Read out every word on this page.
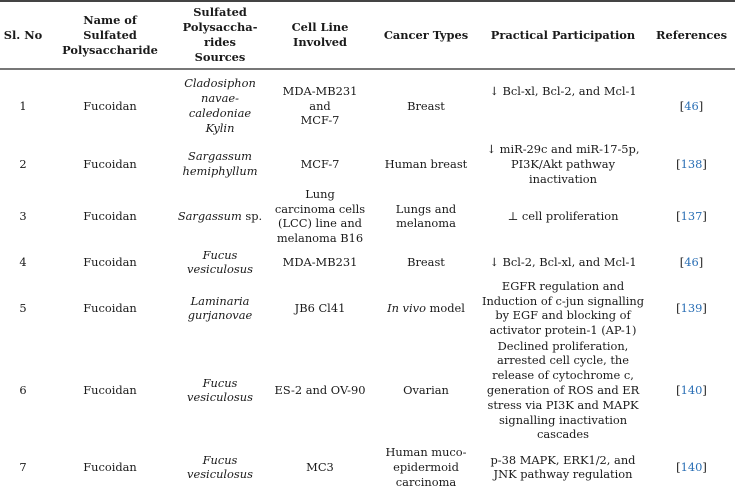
Sl. No	Name of
Sulfated
Polysaccharide	Sulfated
Polysaccha-
rides
Sources	Cell Line
Involved	Cancer Types	Practical Participation	References
1	Fucoidan	Cladosiphon
navae-caledoniae
Kylin	MDA-MB231
and
MCF-7	Breast	↓ Bcl-xl, Bcl-2, and Mcl-1	[46]
2	Fucoidan	Sargassum
hemiphyllum	MCF-7	Human breast	↓ miR-29c and miR-17-5p,
PI3K/Akt pathway
inactivation	[138]
3	Fucoidan	Sargassum sp.	Lung
carcinoma cells
(LCC) line and
melanoma B16	Lungs and
melanoma	⊥ cell proliferation	[137]
4	Fucoidan	Fucus
vesiculosus	MDA-MB231	Breast	↓ Bcl-2, Bcl-xl, and Mcl-1	[46]
5	Fucoidan	Laminaria
gurjanovae	JB6 Cl41	In vivo model	EGFR regulation and
Induction of c-jun signalling
by EGF and blocking of
activator protein-1 (AP-1)	[139]
6	Fucoidan	Fucus
vesiculosus	ES-2 and OV-90	Ovarian	Declined proliferation,
arrested cell cycle, the
release of cytochrome c,
generation of ROS and ER
stress via PI3K and MAPK
signalling inactivation
cascades	[140]
7	Fucoidan	Fucus
vesiculosus	MC3	Human muco-
epidermoid
carcinoma	p-38 MAPK, ERK1/2, and
JNK pathway regulation	[140]
